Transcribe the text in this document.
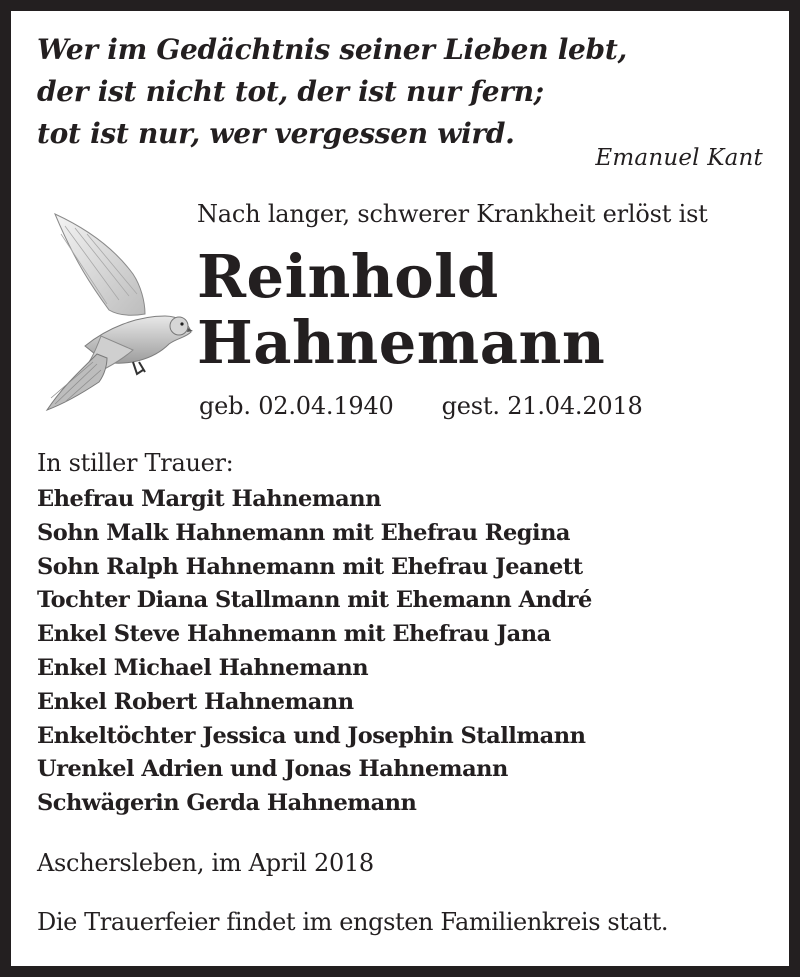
Wer im Gedächtnis seiner Lieben lebt,
der ist nicht tot, der ist nur fern;
tot ist nur, wer vergessen wird.
Emanuel Kant
Nach langer, schwerer Krankheit erlöst ist
Reinhold
Hahnemann
geb. 02.04.1940 gest. 21.04.2018
In stiller Trauer:
Ehefrau Margit Hahnemann
Sohn Malk Hahnemann mit Ehefrau Regina
Sohn Ralph Hahnemann mit Ehefrau Jeanett
Tochter Diana Stallmann mit Ehemann André
Enkel Steve Hahnemann mit Ehefrau Jana
Enkel Michael Hahnemann
Enkel Robert Hahnemann
Enkeltöchter Jessica und Josephin Stallmann
Urenkel Adrien und Jonas Hahnemann
Schwägerin Gerda Hahnemann
Aschersleben, im April 2018
Die Trauerfeier findet im engsten Familienkreis statt.
